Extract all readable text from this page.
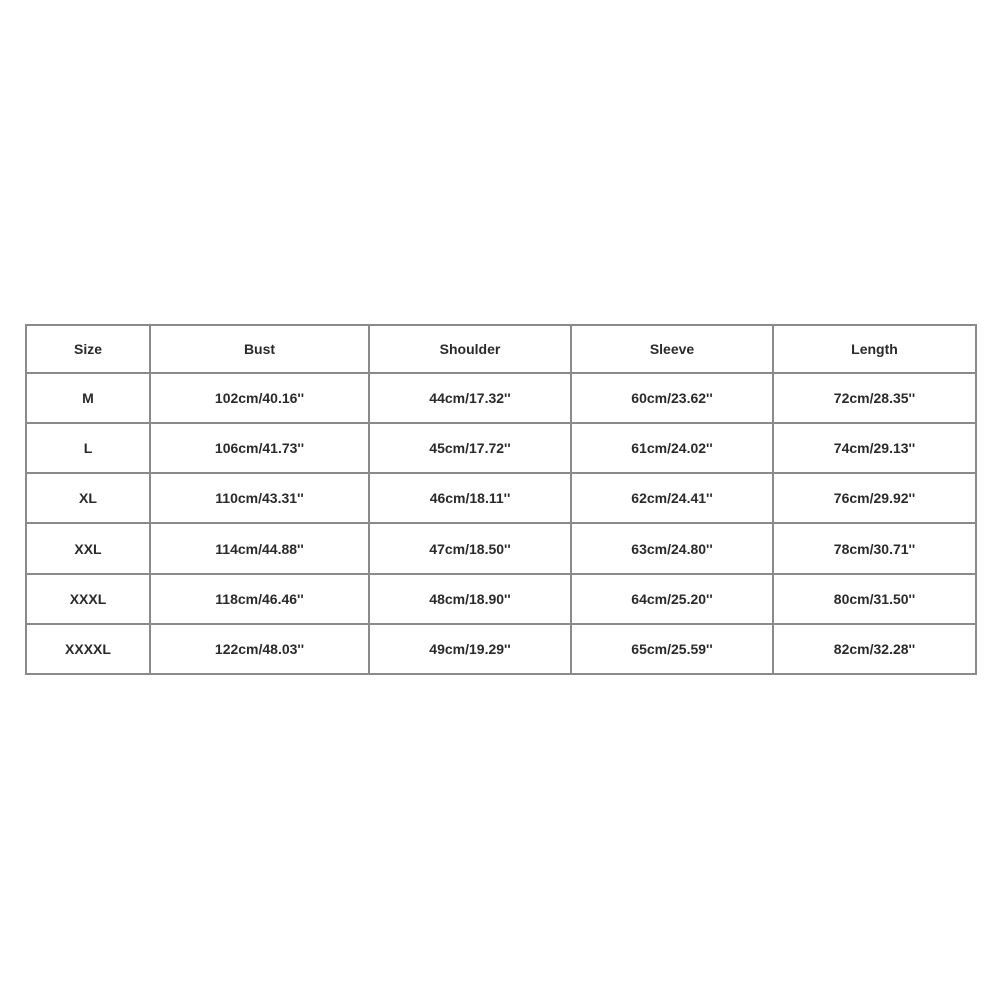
Size	Bust	Shoulder	Sleeve	Length
M	102cm/40.16''	44cm/17.32''	60cm/23.62''	72cm/28.35''
L	106cm/41.73''	45cm/17.72''	61cm/24.02''	74cm/29.13''
XL	110cm/43.31''	46cm/18.11''	62cm/24.41''	76cm/29.92''
XXL	114cm/44.88''	47cm/18.50''	63cm/24.80''	78cm/30.71''
XXXL	118cm/46.46''	48cm/18.90''	64cm/25.20''	80cm/31.50''
XXXXL	122cm/48.03''	49cm/19.29''	65cm/25.59''	82cm/32.28''
